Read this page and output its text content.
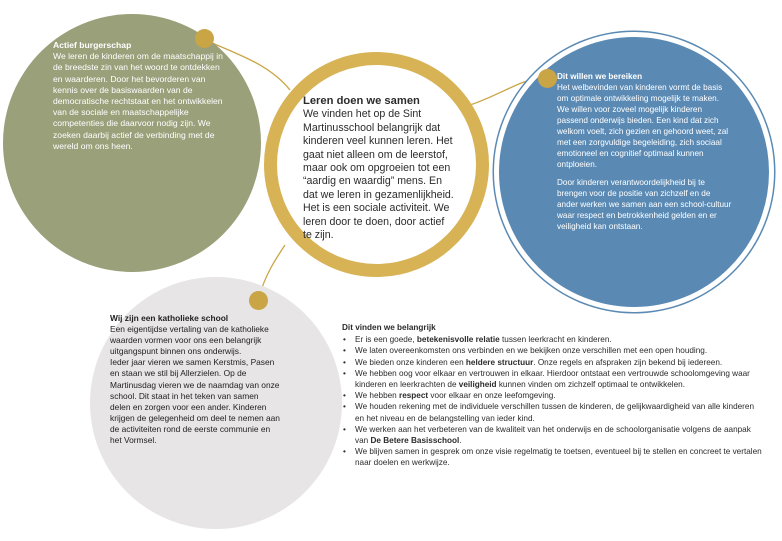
Actief burgerschap
We leren de kinderen om de maatschappij in de breedste zin van het woord te ontdekken en waarderen. Door het bevorderen van kennis over de basiswaarden van de democratische rechtstaat en het ontwikkelen van de sociale en maatschappelijke competenties die daarvoor nodig zijn. We zoeken daarbij actief de verbinding met de wereld om ons heen.
Dit willen we bereiken
Het welbevinden van kinderen vormt de basis om optimale ontwikkeling mogelijk te maken. We willen voor zoveel mogelijk kinderen passend onderwijs bieden. Een kind dat zich welkom voelt, zich gezien en gehoord weet, zal met een zorgvuldige begeleiding, zich sociaal emotioneel en cognitief optimaal kunnen ontploeien.
Door kinderen verantwoordelijkheid bij te brengen voor de positie van zichzelf en de ander werken we samen aan een school-cultuur waar respect en betrokkenheid gelden en er veiligheid kan ontstaan.
Wij zijn een katholieke school
Een eigentijdse vertaling van de katholieke waarden vormen voor ons een belangrijk uitgangspunt binnen ons onderwijs.
Ieder jaar vieren we samen Kerstmis, Pasen en staan we stil bij Allerzielen. Op de Martinusdag vieren we de naamdag van onze school. Dit staat in het teken van samen delen en zorgen voor een ander. Kinderen krijgen de gelegenheid om deel te nemen aan de activiteiten rond de eerste communie en het Vormsel.
Leren doen we samen
We vinden het op de Sint Martinusschool belangrijk dat kinderen veel kunnen leren. Het gaat niet alleen om de leerstof, maar ook om opgroeien tot een “aardig en waardig” mens. En dat we leren in gezamenlijkheid. Het is een sociale activiteit. We leren door te doen, door actief te zijn.
Dit vinden we belangrijk
• Er is een goede, betekenisvolle relatie tussen leerkracht en kinderen.
• We laten overeenkomsten ons verbinden en we bekijken onze verschillen met een open houding.
• We bieden onze kinderen een heldere structuur. Onze regels en afspraken zijn bekend bij iedereen.
• We hebben oog voor elkaar en vertrouwen in elkaar. Hierdoor ontstaat een vertrouwde schoolomgeving waar kinderen en leerkrachten de veiligheid kunnen vinden om zichzelf optimaal te ontwikkelen.
• We hebben respect voor elkaar en onze leefomgeving.
• We houden rekening met de individuele verschillen tussen de kinderen, de gelijkwaardigheid van alle kinderen en het niveau en de belangstelling van ieder kind.
• We werken aan het verbeteren van de kwaliteit van het onderwijs en de schoolorganisatie volgens de aanpak van De Betere Basisschool.
• We blijven samen in gesprek om onze visie regelmatig te toetsen, eventueel bij te stellen en concreet te vertalen naar doelen en werkwijze.
